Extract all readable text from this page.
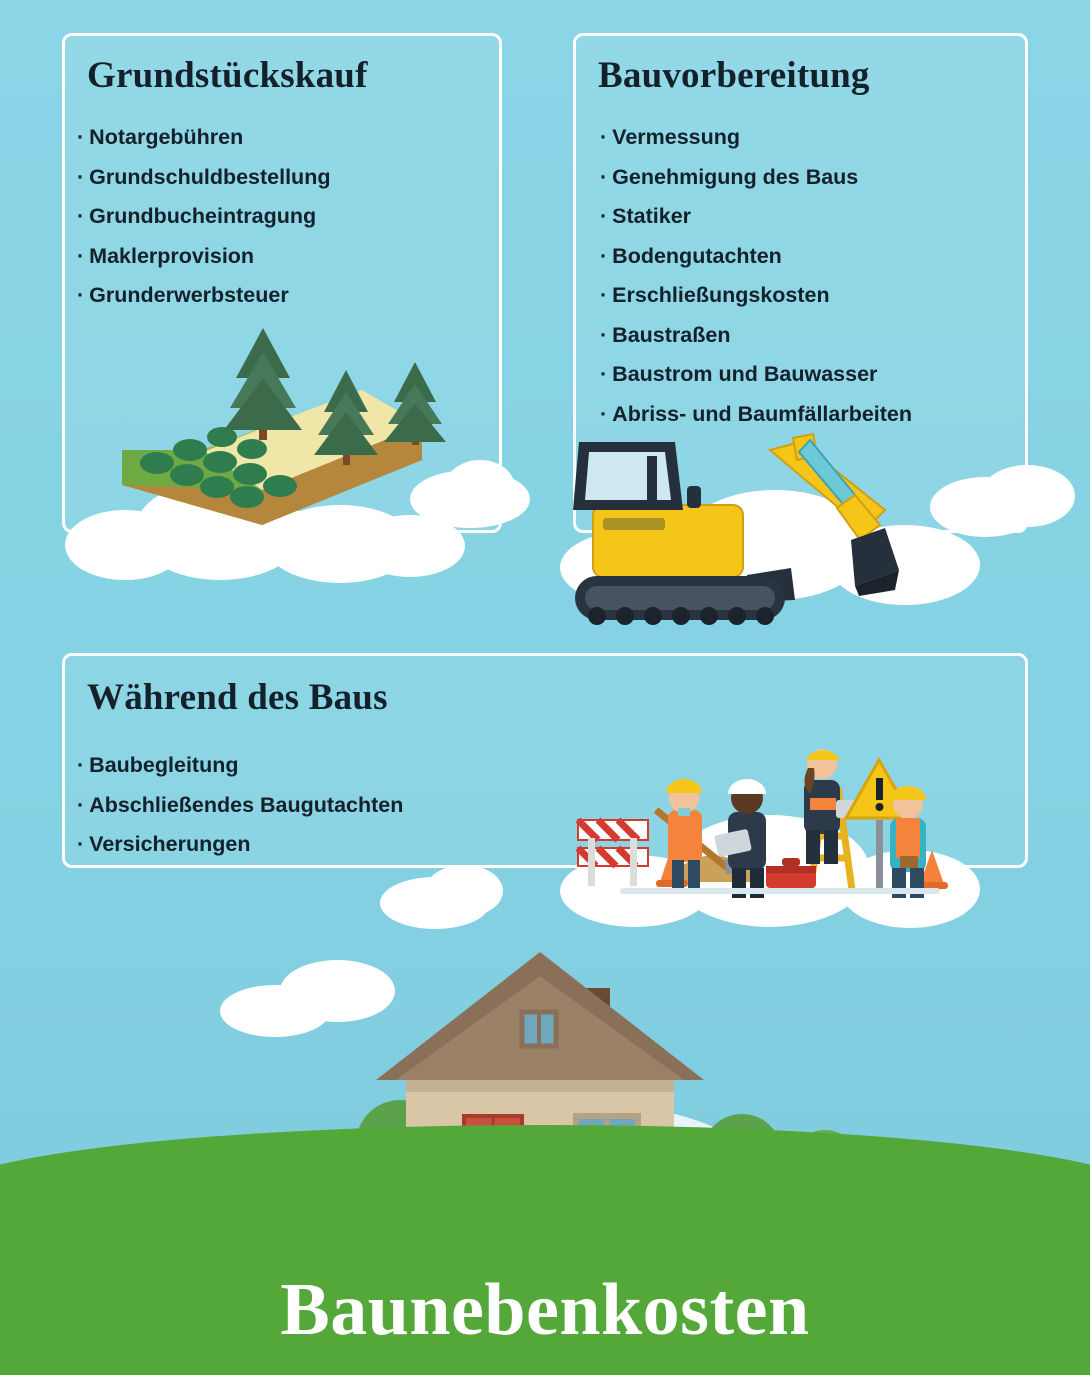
Grundstückskauf
· Notargebühren
· Grundschuldbestellung
· Grundbucheintragung
· Maklerprovision
· Grunderwerbsteuer
Bauvorbereitung
· Vermessung
· Genehmigung des Baus
· Statiker
· Bodengutachten
· Erschließungskosten
· Baustraßen
· Baustrom und Bauwasser
· Abriss- und Baumfällarbeiten
Während des Baus
· Baubegleitung
· Abschließendes Baugutachten
· Versicherungen
Baunebenkosten
